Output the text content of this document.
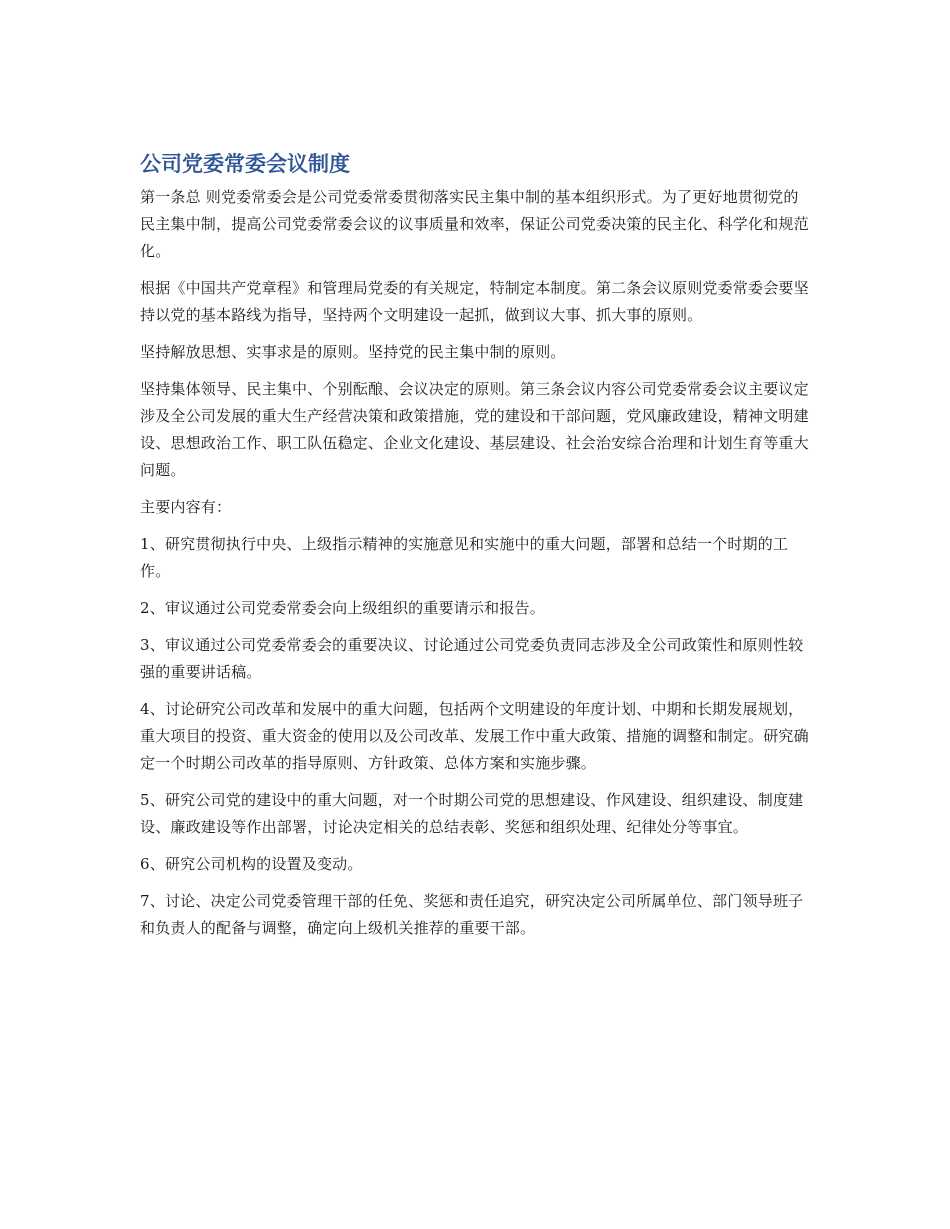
公司党委常委会议制度

第一条总 则党委常委会是公司党委常委贯彻落实民主集中制的基本组织形式。为了更好地贯彻党的民主集中制，提高公司党委常委会议的议事质量和效率，保证公司党委决策的民主化、科学化和规范化。

根据《中国共产党章程》和管理局党委的有关规定，特制定本制度。第二条会议原则党委常委会要坚持以党的基本路线为指导，坚持两个文明建设一起抓，做到议大事、抓大事的原则。

坚持解放思想、实事求是的原则。坚持党的民主集中制的原则。

坚持集体领导、民主集中、个别酝酿、会议决定的原则。第三条会议内容公司党委常委会议主要议定涉及全公司发展的重大生产经营决策和政策措施，党的建设和干部问题，党风廉政建设，精神文明建设、思想政治工作、职工队伍稳定、企业文化建设、基层建设、社会治安综合治理和计划生育等重大问题。

主要内容有：

1、研究贯彻执行中央、上级指示精神的实施意见和实施中的重大问题，部署和总结一个时期的工作。

2、审议通过公司党委常委会向上级组织的重要请示和报告。

3、审议通过公司党委常委会的重要决议、讨论通过公司党委负责同志涉及全公司政策性和原则性较强的重要讲话稿。

4、讨论研究公司改革和发展中的重大问题，包括两个文明建设的年度计划、中期和长期发展规划，重大项目的投资、重大资金的使用以及公司改革、发展工作中重大政策、措施的调整和制定。研究确定一个时期公司改革的指导原则、方针政策、总体方案和实施步骤。

5、研究公司党的建设中的重大问题，对一个时期公司党的思想建设、作风建设、组织建设、制度建设、廉政建设等作出部署，讨论决定相关的总结表彰、奖惩和组织处理、纪律处分等事宜。

6、研究公司机构的设置及变动。

7、讨论、决定公司党委管理干部的任免、奖惩和责任追究，研究决定公司所属单位、部门领导班子和负责人的配备与调整，确定向上级机关推荐的重要干部。
